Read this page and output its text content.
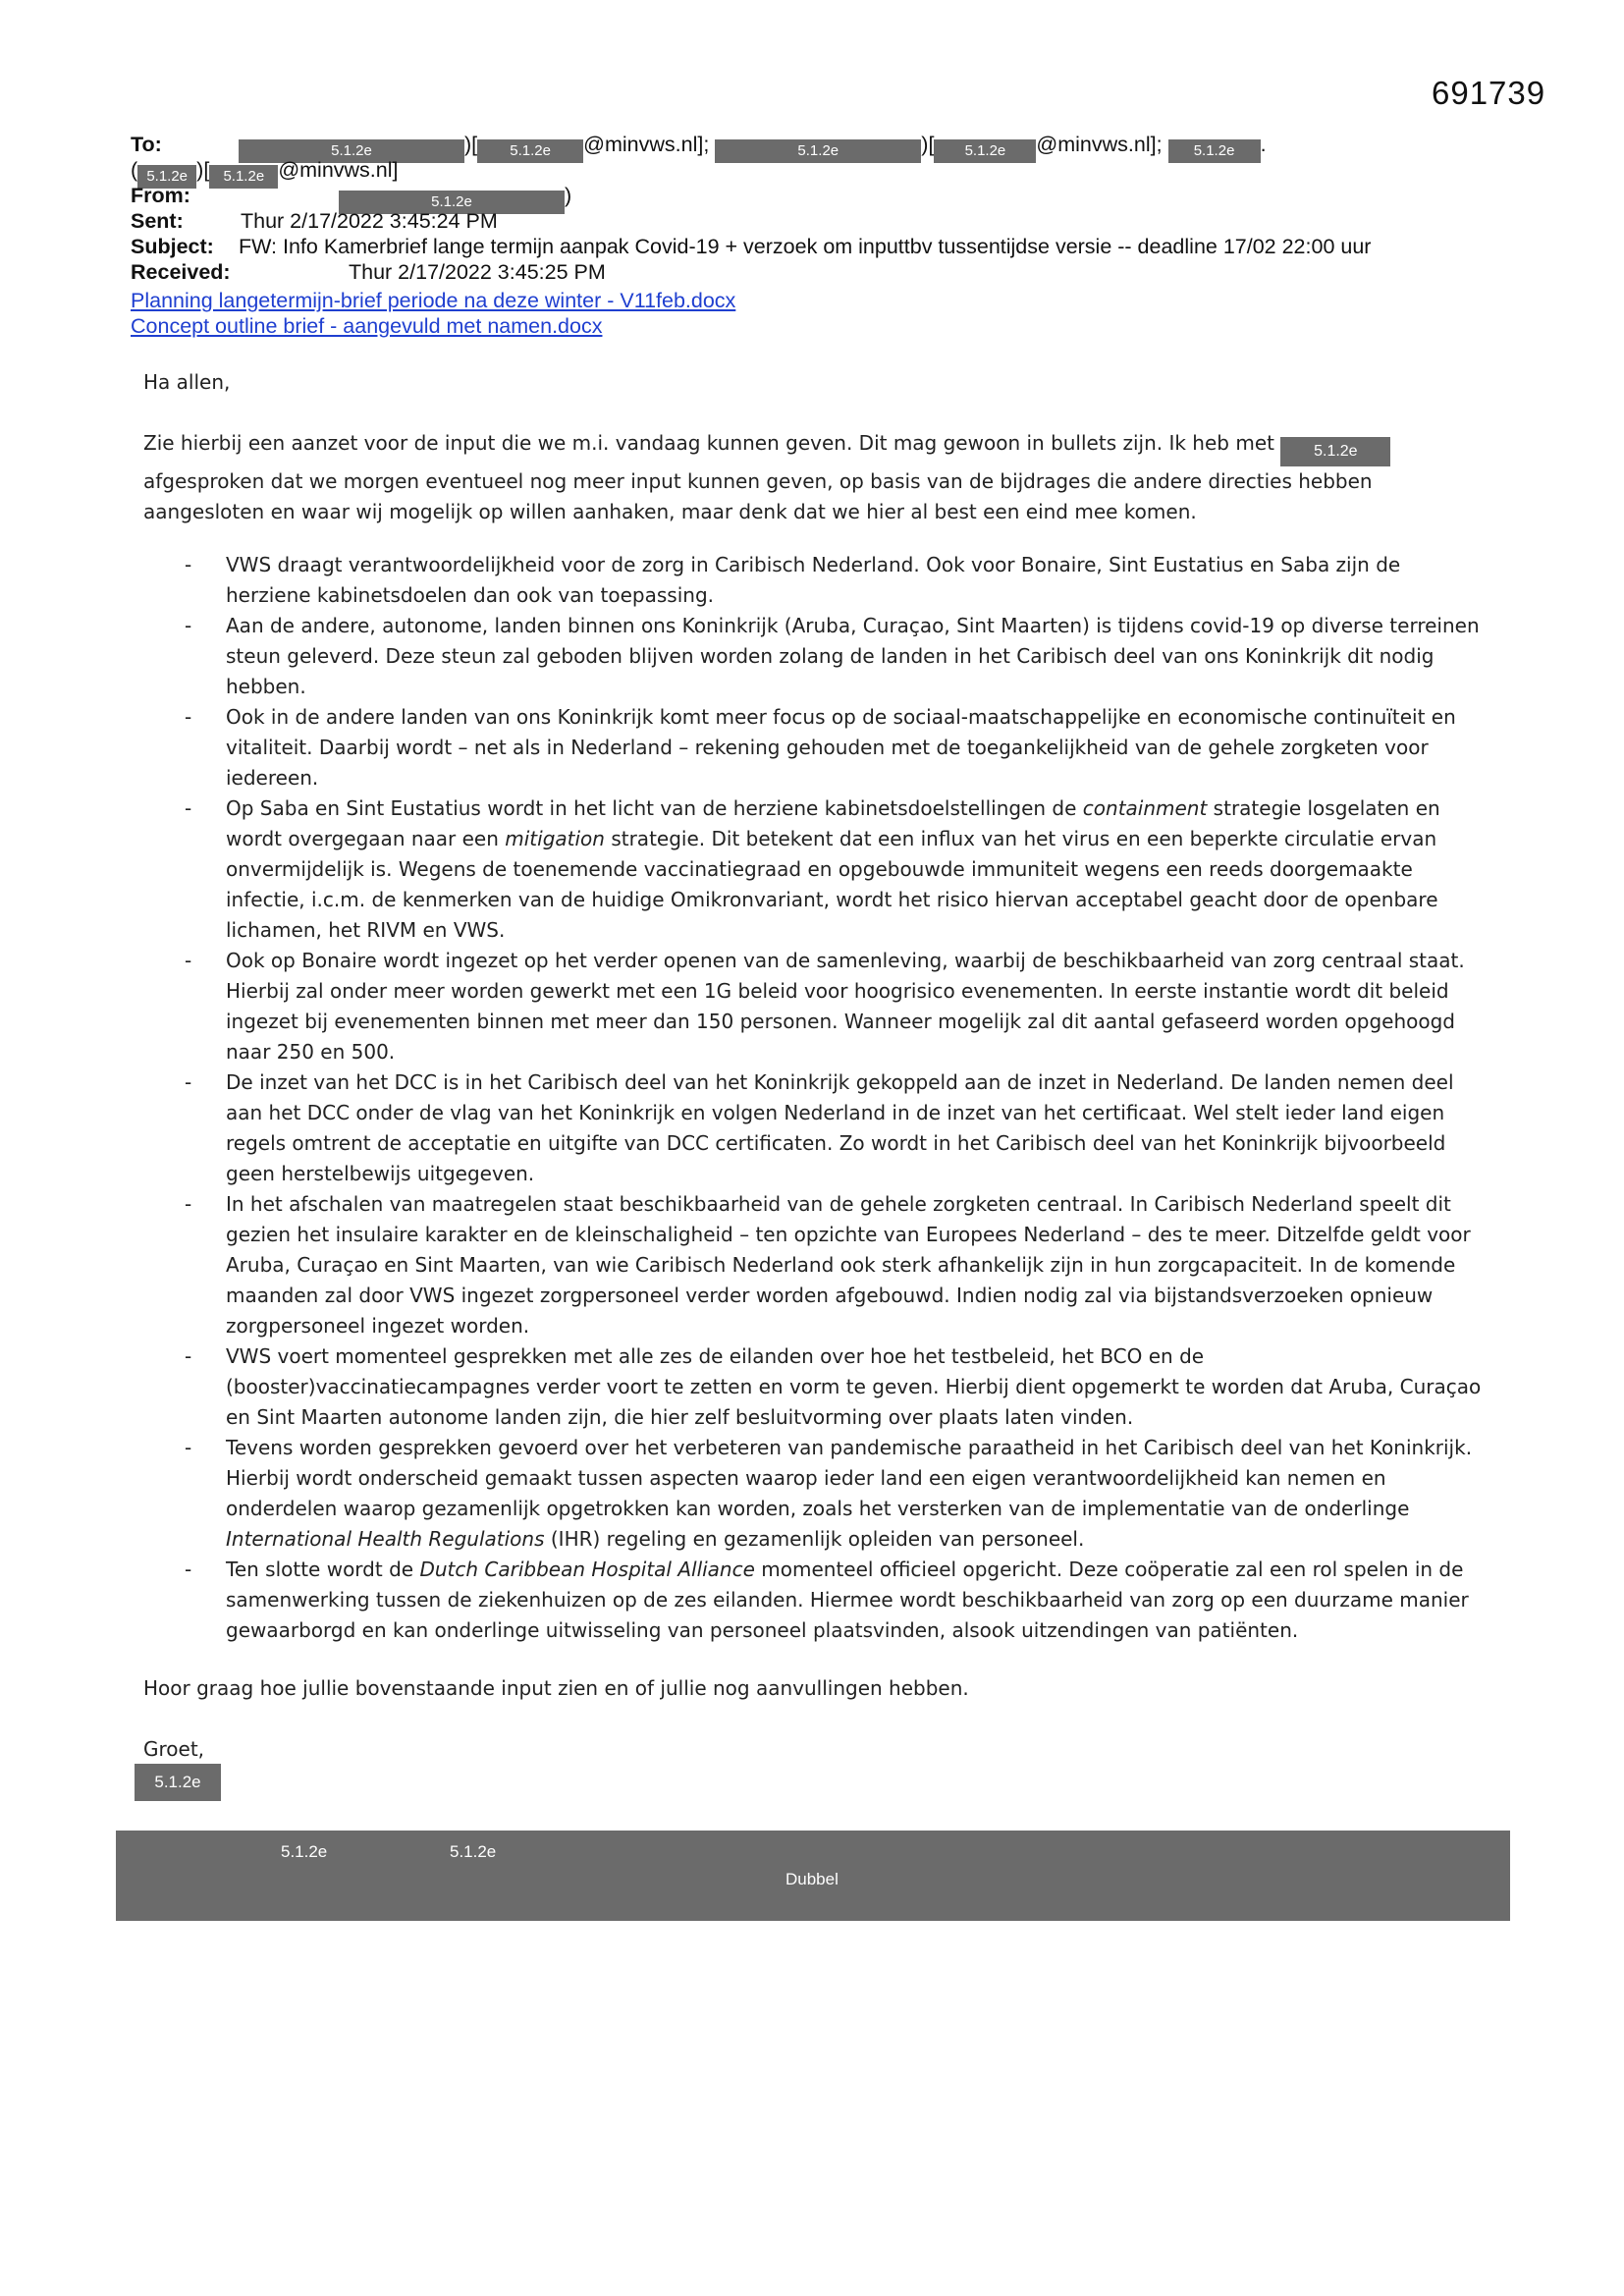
691739
To:	5.1.2e	)[ 5.1.2e @minvws.nl];	5.1.2e	)[ 5.1.2e @minvws.nl]; 5.1.2e .
( 5.1.2e )[ 5.1.2e @minvws.nl]
From:	5.1.2e	)
Sent:	Thur 2/17/2022 3:45:24 PM
Subject: FW: Info Kamerbrief lange termijn aanpak Covid-19 + verzoek om inputtbv tussentijdse versie -- deadline 17/02 22:00 uur
Received:	Thur 2/17/2022 3:45:25 PM
Planning langetermijn-brief periode na deze winter - V11feb.docx
Concept outline brief - aangevuld met namen.docx
Ha allen,
Zie hierbij een aanzet voor de input die we m.i. vandaag kunnen geven. Dit mag gewoon in bullets zijn. Ik heb met	5.1.2e afgesproken dat we morgen eventueel nog meer input kunnen geven, op basis van de bijdrages die andere directies hebben aangesloten en waar wij mogelijk op willen aanhaken, maar denk dat we hier al best een eind mee komen.
- VWS draagt verantwoordelijkheid voor de zorg in Caribisch Nederland. Ook voor Bonaire, Sint Eustatius en Saba zijn de herziene kabinetsdoelen dan ook van toepassing.
- Aan de andere, autonome, landen binnen ons Koninkrijk (Aruba, Curaçao, Sint Maarten) is tijdens covid-19 op diverse terreinen steun geleverd. Deze steun zal geboden blijven worden zolang de landen in het Caribisch deel van ons Koninkrijk dit nodig hebben.
- Ook in de andere landen van ons Koninkrijk komt meer focus op de sociaal-maatschappelijke en economische continuïteit en vitaliteit. Daarbij wordt – net als in Nederland – rekening gehouden met de toegankelijkheid van de gehele zorgketen voor iedereen.
- Op Saba en Sint Eustatius wordt in het licht van de herziene kabinetsdoelstellingen de containment strategie losgelaten en wordt overgegaan naar een mitigation strategie. Dit betekent dat een influx van het virus en een beperkte circulatie ervan onvermijdelijk is. Wegens de toenemende vaccinatiegraad en opgebouwde immuniteit wegens een reeds doorgemaakte infectie, i.c.m. de kenmerken van de huidige Omikronvariant, wordt het risico hiervan acceptabel geacht door de openbare lichamen, het RIVM en VWS.
- Ook op Bonaire wordt ingezet op het verder openen van de samenleving, waarbij de beschikbaarheid van zorg centraal staat. Hierbij zal onder meer worden gewerkt met een 1G beleid voor hoogrisico evenementen. In eerste instantie wordt dit beleid ingezet bij evenementen binnen met meer dan 150 personen. Wanneer mogelijk zal dit aantal gefaseerd worden opgehoogd naar 250 en 500.
- De inzet van het DCC is in het Caribisch deel van het Koninkrijk gekoppeld aan de inzet in Nederland. De landen nemen deel aan het DCC onder de vlag van het Koninkrijk en volgen Nederland in de inzet van het certificaat. Wel stelt ieder land eigen regels omtrent de acceptatie en uitgifte van DCC certificaten. Zo wordt in het Caribisch deel van het Koninkrijk bijvoorbeeld geen herstelbewijs uitgegeven.
- In het afschalen van maatregelen staat beschikbaarheid van de gehele zorgketen centraal. In Caribisch Nederland speelt dit gezien het insulaire karakter en de kleinschaligheid – ten opzichte van Europees Nederland – des te meer. Ditzelfde geldt voor Aruba, Curaçao en Sint Maarten, van wie Caribisch Nederland ook sterk afhankelijk zijn in hun zorgcapaciteit. In de komende maanden zal door VWS ingezet zorgpersoneel verder worden afgebouwd. Indien nodig zal via bijstandsverzoeken opnieuw zorgpersoneel ingezet worden.
- VWS voert momenteel gesprekken met alle zes de eilanden over hoe het testbeleid, het BCO en de (booster)vaccinatiecampagnes verder voort te zetten en vorm te geven. Hierbij dient opgemerkt te worden dat Aruba, Curaçao en Sint Maarten autonome landen zijn, die hier zelf besluitvorming over plaats laten vinden.
- Tevens worden gesprekken gevoerd over het verbeteren van pandemische paraatheid in het Caribisch deel van het Koninkrijk. Hierbij wordt onderscheid gemaakt tussen aspecten waarop ieder land een eigen verantwoordelijkheid kan nemen en onderdelen waarop gezamenlijk opgetrokken kan worden, zoals het versterken van de implementatie van de onderlinge International Health Regulations (IHR) regeling en gezamenlijk opleiden van personeel.
- Ten slotte wordt de Dutch Caribbean Hospital Alliance momenteel officieel opgericht. Deze coöperatie zal een rol spelen in de samenwerking tussen de ziekenhuizen op de zes eilanden. Hiermee wordt beschikbaarheid van zorg op een duurzame manier gewaarborgd en kan onderlinge uitwisseling van personeel plaatsvinden, alsook uitzendingen van patiënten.
Hoor graag hoe jullie bovenstaande input zien en of jullie nog aanvullingen hebben.
Groet,
5.1.2e
5.1.2e	5.1.2e
Dubbel
